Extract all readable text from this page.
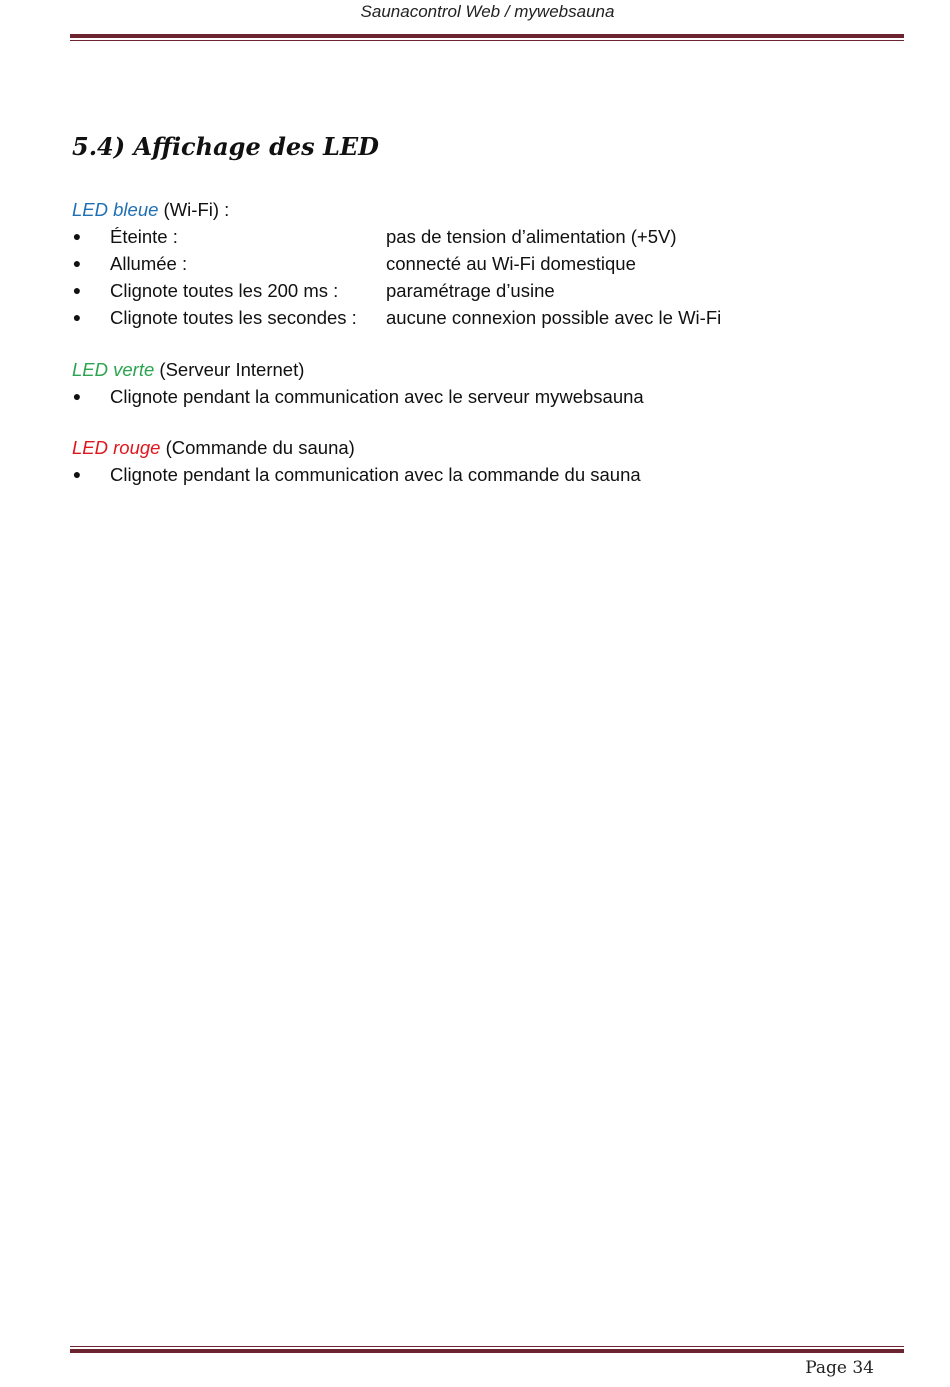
Saunacontrol Web / mywebsauna
5.4) Affichage des LED
LED bleue (Wi-Fi) :
● Éteinte :	pas de tension d’alimentation (+5V)
● Allumée :	connecté au Wi-Fi domestique
● Clignote toutes les 200 ms :	paramétrage d’usine
● Clignote toutes les secondes : aucune connexion possible avec le Wi-Fi
LED verte (Serveur Internet)
● Clignote pendant la communication avec le serveur mywebsauna
LED rouge (Commande du sauna)
● Clignote pendant la communication avec la commande du sauna
Page 34
